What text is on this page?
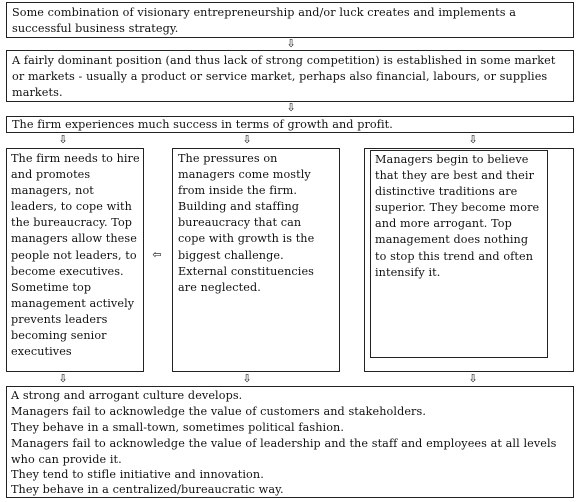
Some combination of visionary entrepreneurship and/or luck creates and implements a successful business strategy.
⇩
A fairly dominant position (and thus lack of strong competition) is established in some market or markets - usually a product or service market, perhaps also financial, labours, or supplies markets.
⇩
The firm experiences much success in terms of growth and profit.
⇩	⇩	⇩
The firm needs to hire and promotes managers, not leaders, to cope with the bureaucracy. Top managers allow these people not leaders, to become executives. Sometime top management actively prevents leaders becoming senior executives
⇦
The pressures on managers come mostly from inside the firm. Building and staffing bureaucracy that can cope with growth is the biggest challenge. External constituencies are neglected.
Managers begin to believe that they are best and their distinctive traditions are superior. They become more and more arrogant. Top management does nothing to stop this trend and often intensify it.
⇩	⇩	⇩
A strong and arrogant culture develops.
Managers fail to acknowledge the value of customers and stakeholders.
They behave in a small-town, sometimes political fashion.
Managers fail to acknowledge the value of leadership and the staff and employees at all levels who can provide it.
They tend to stifle initiative and innovation.
They behave in a centralized/bureaucratic way.
